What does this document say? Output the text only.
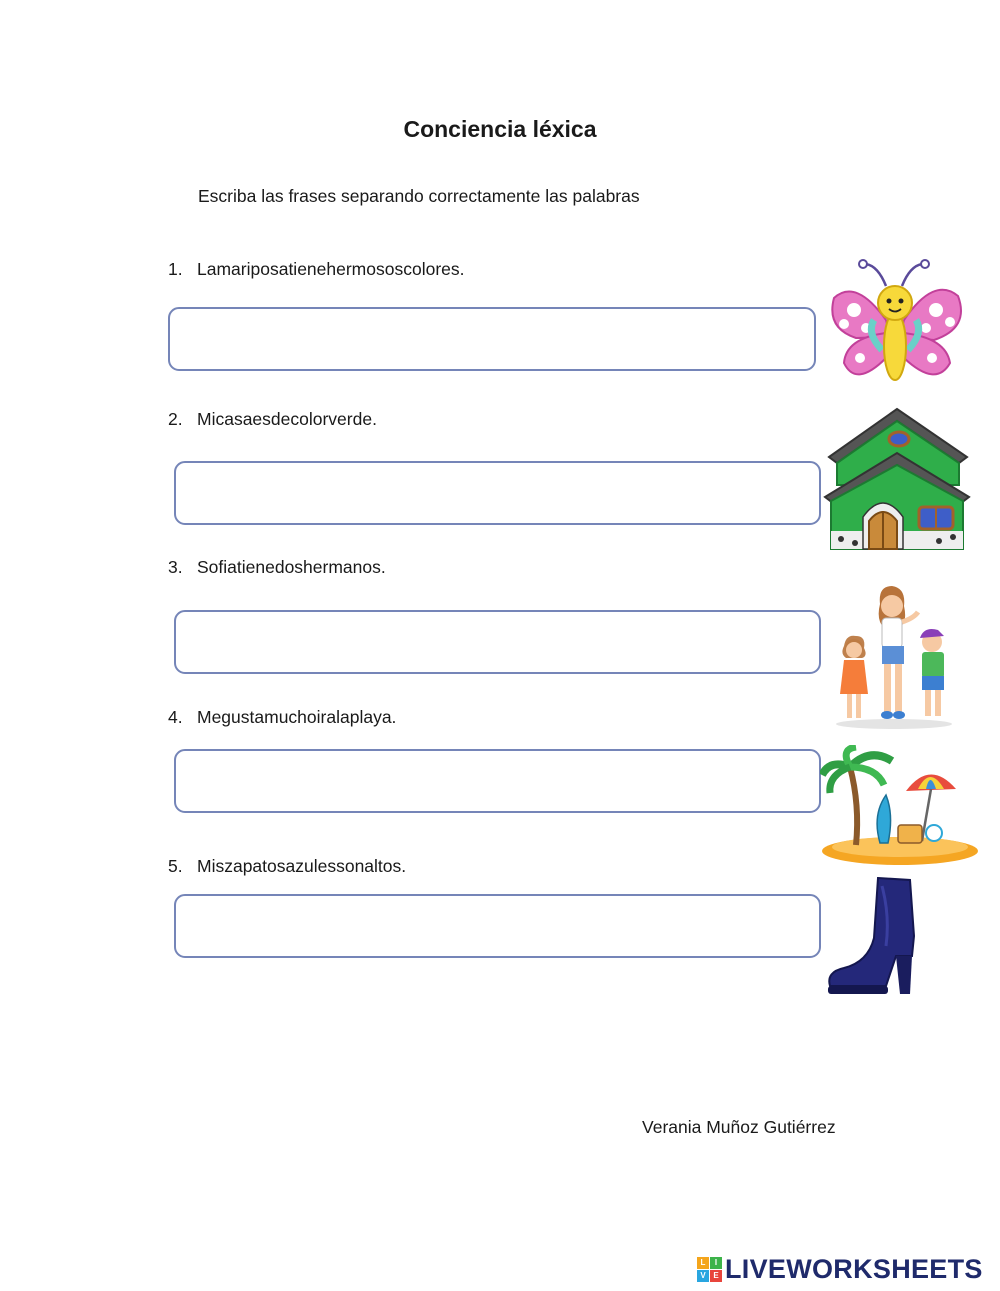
Conciencia léxica
Escriba las frases separando correctamente las palabras
1. Lamariposatienehermososcolores.
2. Micasaesdecolorverde.
3. Sofiatienedoshermanos.
4. Megustamuchoiralaplaya.
5. Miszapatosazulessonaltos.
Verania Muñoz Gutiérrez
L	I
V E LIVEWORKSHEETS
